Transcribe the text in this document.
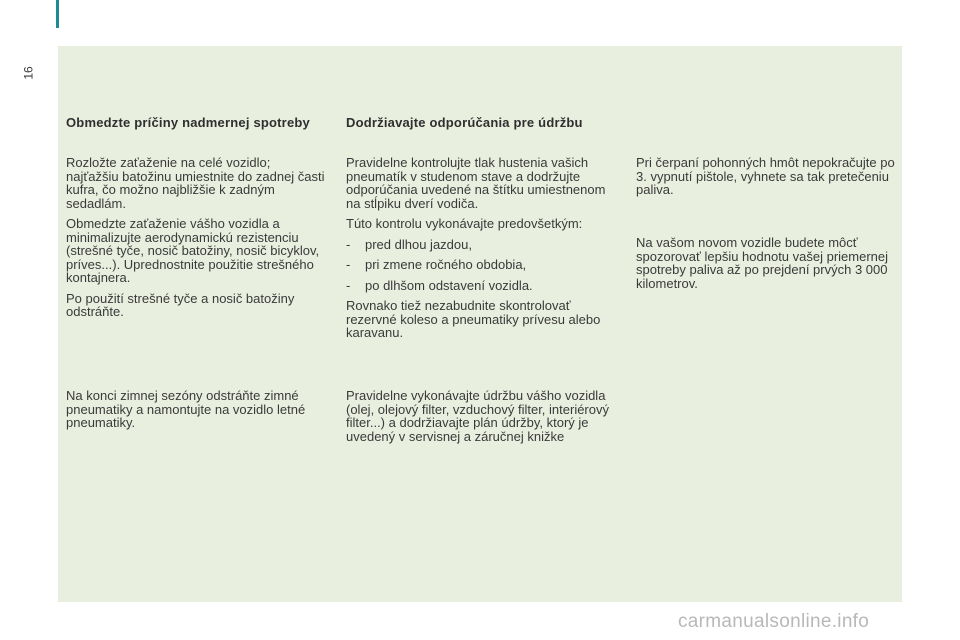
16
Obmedzte príčiny nadmernej spotreby

Rozložte zaťaženie na celé vozidlo; najťažšiu batožinu umiestnite do zadnej časti kufra, čo možno najbližšie k zadným sedadlám.

Obmedzte zaťaženie vášho vozidla a minimalizujte aerodynamickú rezistenciu (strešné tyče, nosič batožiny, nosič bicyklov, príves...). Uprednostnite použitie strešného kontajnera.

Po použití strešné tyče a nosič batožiny odstráňte.

Na konci zimnej sezóny odstráňte zimné pneumatiky a namontujte na vozidlo letné pneumatiky.

Dodržiavajte odporúčania pre údržbu

Pravidelne kontrolujte tlak hustenia vašich pneumatík v studenom stave a dodržujte odporúčania uvedené na štítku umiestnenom na stĺpiku dverí vodiča.

Túto kontrolu vykonávajte predovšetkým:

-	pred dlhou jazdou,
-	pri zmene ročného obdobia,
-	po dlhšom odstavení vozidla.

Rovnako tiež nezabudnite skontrolovať rezervné koleso a pneumatiky prívesu alebo karavanu.

Pravidelne vykonávajte údržbu vášho vozidla (olej, olejový filter, vzduchový filter, interiérový filter...) a dodržiavajte plán údržby, ktorý je uvedený v servisnej a záručnej knižke

Pri čerpaní pohonných hmôt nepokračujte po 3. vypnutí pištole, vyhnete sa tak pretečeniu paliva.

Na vašom novom vozidle budete môcť spozorovať lepšiu hodnotu vašej priemernej spotreby paliva až po prejdení prvých 3 000 kilometrov.

carmanualsonline.info
